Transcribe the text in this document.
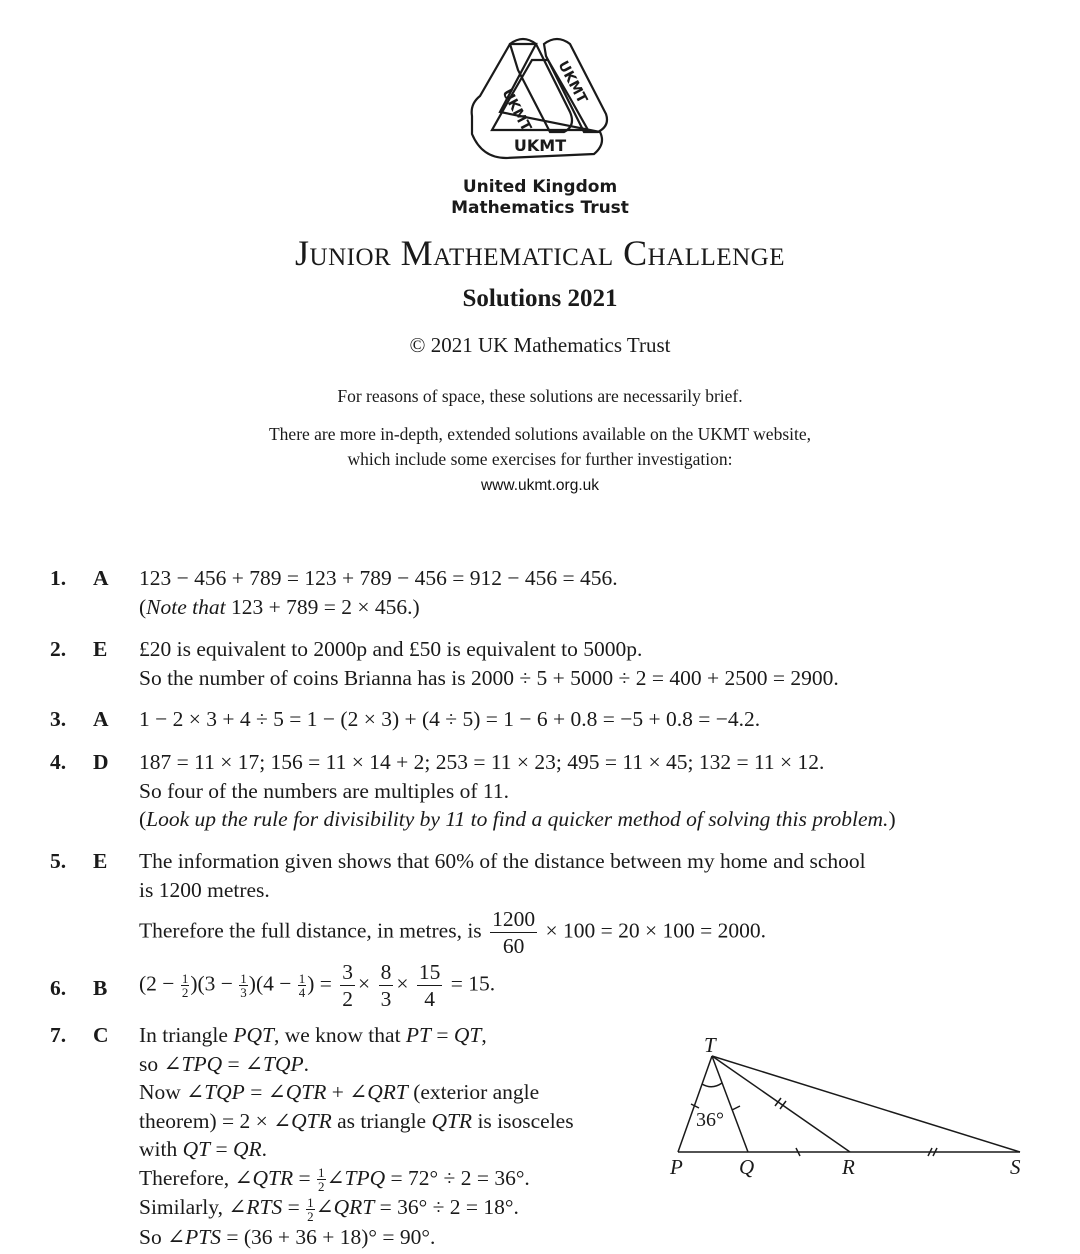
UKMT
UKMT
UKMT
United Kingdom
Mathematics Trust
Junior Mathematical Challenge
Solutions 2021
© 2021 UK Mathematics Trust
For reasons of space, these solutions are necessarily brief.
There are more in-depth, extended solutions available on the UKMT website,
which include some exercises for further investigation:
www.ukmt.org.uk
1. A 123 − 456 + 789 = 123 + 789 − 456 = 912 − 456 = 456.
(Note that 123 + 789 = 2 × 456.)
2. E £20 is equivalent to 2000p and £50 is equivalent to 5000p.
So the number of coins Brianna has is 2000 ÷ 5 + 5000 ÷ 2 = 400 + 2500 = 2900.
3. A 1 − 2 × 3 + 4 ÷ 5 = 1 − (2 × 3) + (4 ÷ 5) = 1 − 6 + 0.8 = −5 + 0.8 = −4.2.
4. D 187 = 11 × 17; 156 = 11 × 14 + 2; 253 = 11 × 23; 495 = 11 × 45; 132 = 11 × 12.
So four of the numbers are multiples of 11.
(Look up the rule for divisibility by 11 to find a quicker method of solving this problem.)
5. E The information given shows that 60% of the distance between my home and school
is 1200 metres.
Therefore the full distance, in metres, is $\frac{1200}{60} \times 100 = 20 \times 100 = 2000$.
6. B $(2 - \frac{1}{2} )(3 - \frac{1}{3} )(4 - \frac{1}{4}$ ) = $\frac{3}{2} \times \frac{8}{3} \times \frac{15}{4} = 15$.
7. C In triangle PQT, we know that PT = QT,
so ∠TPQ = ∠TQP.
Now ∠TQP = ∠QTR + ∠QRT (exterior angle
theorem) = 2 × ∠QTR as triangle QTR is isosceles
with QT = QR.
Therefore, ∠QTR = $\frac{1}{2}$ ∠TPQ = 72° ÷ 2 = 36°.
Similarly, ∠RTS = $\frac{1}{2}$ ∠QRT = 36° ÷ 2 = 18°.
So ∠PTS = (36 + 36 + 18)° = 90°.
T
P	Q	R	S
36°
